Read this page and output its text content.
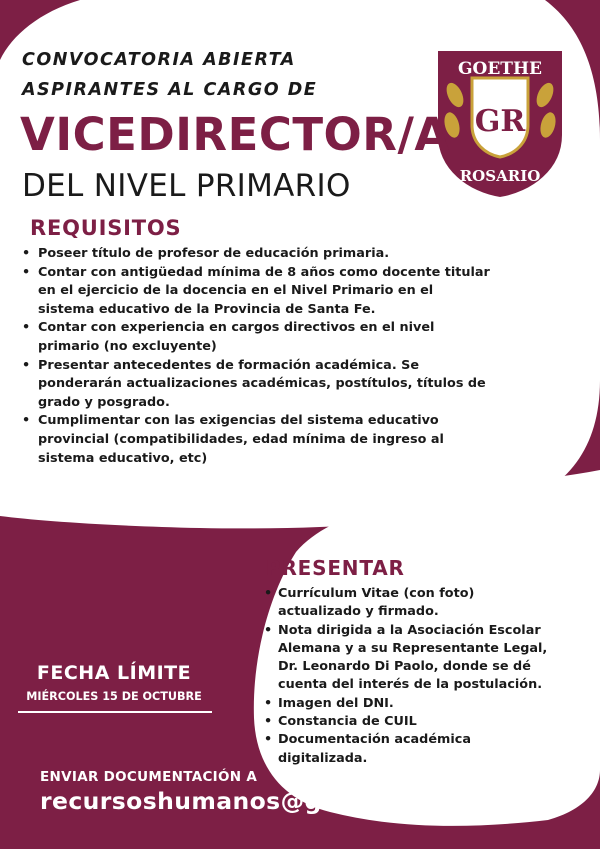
GOETHE
GR
ROSARIO
CONVOCATORIA ABIERTA
ASPIRANTES AL CARGO DE
VICEDIRECTOR/A
DEL NIVEL PRIMARIO
REQUISITOS
• Poseer título de profesor de educación primaria.
• Contar con antigüedad mínima de 8 años como docente titular en el ejercicio de la docencia en el Nivel Primario en el sistema educativo de la Provincia de Santa Fe.
• Contar con experiencia en cargos directivos en el nivel primario (no excluyente)
• Presentar antecedentes de formación académica. Se ponderarán actualizaciones académicas, postítulos, títulos de grado y posgrado.
• Cumplimentar con las exigencias del sistema educativo provincial (compatibilidades, edad mínima de ingreso al sistema educativo, etc)
PRESENTAR
• Currículum Vitae (con foto) actualizado y firmado.
• Nota dirigida a la Asociación Escolar Alemana y a su Representante Legal, Dr. Leonardo Di Paolo, donde se dé cuenta del interés de la postulación.
• Imagen del DNI.
• Constancia de CUIL
• Documentación académica digitalizada.
FECHA LÍMITE
MIÉRCOLES 15 DE OCTUBRE
ENVIAR DOCUMENTACIÓN A
recursoshumanos@goetherosario.org
